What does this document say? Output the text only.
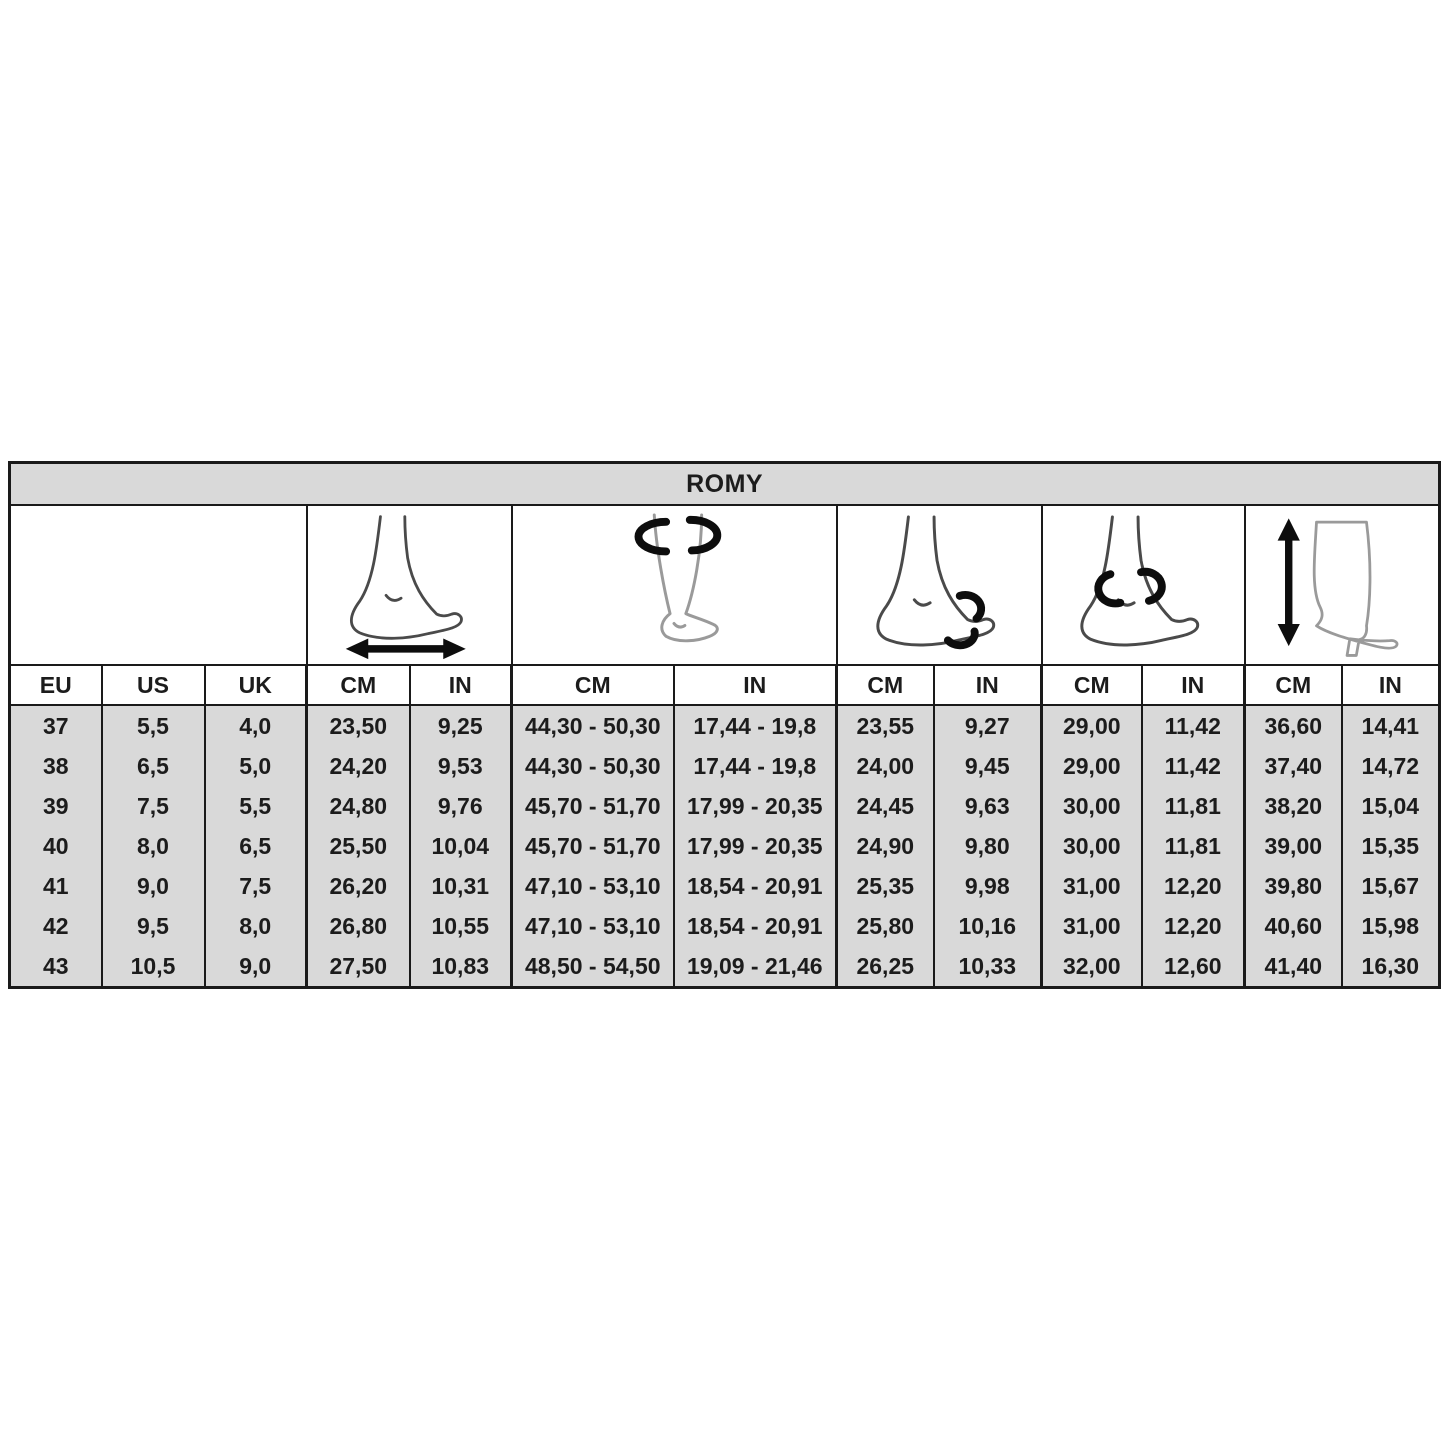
ROMY												

EU	US	UK	CM	IN	CM	IN	CM	IN	CM	IN	CM	IN
37	5,5	4,0	23,50	9,25	44,30 - 50,30	17,44 - 19,8	23,55	9,27	29,00	11,42	36,60	14,41
38	6,5	5,0	24,20	9,53	44,30 - 50,30	17,44 - 19,8	24,00	9,45	29,00	11,42	37,40	14,72
39	7,5	5,5	24,80	9,76	45,70 - 51,70	17,99 - 20,35	24,45	9,63	30,00	11,81	38,20	15,04
40	8,0	6,5	25,50	10,04	45,70 - 51,70	17,99 - 20,35	24,90	9,80	30,00	11,81	39,00	15,35
41	9,0	7,5	26,20	10,31	47,10 - 53,10	18,54 - 20,91	25,35	9,98	31,00	12,20	39,80	15,67
42	9,5	8,0	26,80	10,55	47,10 - 53,10	18,54 - 20,91	25,80	10,16	31,00	12,20	40,60	15,98
43	10,5	9,0	27,50	10,83	48,50 - 54,50	19,09 - 21,46	26,25	10,33	32,00	12,60	41,40	16,30
